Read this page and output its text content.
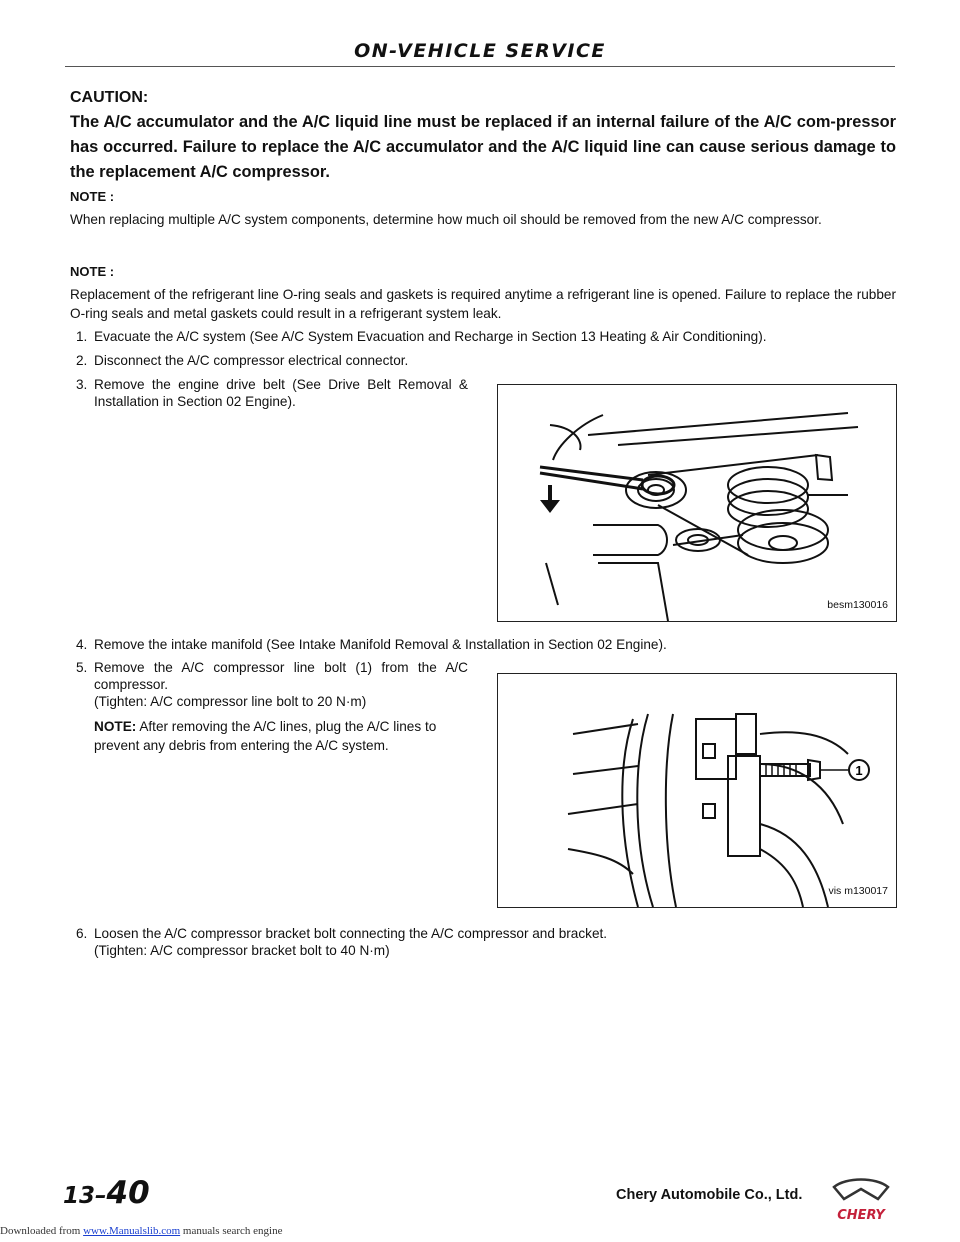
ON-VEHICLE SERVICE
CAUTION:
The A/C accumulator and the A/C liquid line must be replaced if an internal failure of the A/C com-pressor has occurred. Failure to replace the A/C accumulator and the A/C liquid line can cause serious damage to the replacement A/C compressor.
NOTE :
When replacing multiple A/C system components, determine how much oil should be removed from the new A/C compressor.
NOTE :
Replacement of the refrigerant line O-ring seals and gaskets is required anytime a refrigerant line is opened. Failure to replace the rubber O-ring seals and metal gaskets could result in a refrigerant system leak.
1. Evacuate the A/C system (See A/C System Evacuation and Recharge in Section 13 Heating & Air Conditioning).
2. Disconnect the A/C compressor electrical connector.
3. Remove the engine drive belt (See Drive Belt Removal & Installation in Section 02 Engine).
besm130016
4. Remove the intake manifold (See Intake Manifold Removal & Installation in Section 02 Engine).
5. Remove the A/C compressor line bolt (1) from the A/C compressor.
(Tighten: A/C compressor line bolt to 20 N·m)
NOTE: After removing the A/C lines, plug the A/C lines to prevent any debris from entering the A/C system.
1
vis m130017
6. Loosen the A/C compressor bracket bolt connecting the A/C compressor and bracket.
(Tighten: A/C compressor bracket bolt to 40 N·m)
13–40	Chery Automobile Co., Ltd.
CHERY
Downloaded from www.Manualslib.com manuals search engine
